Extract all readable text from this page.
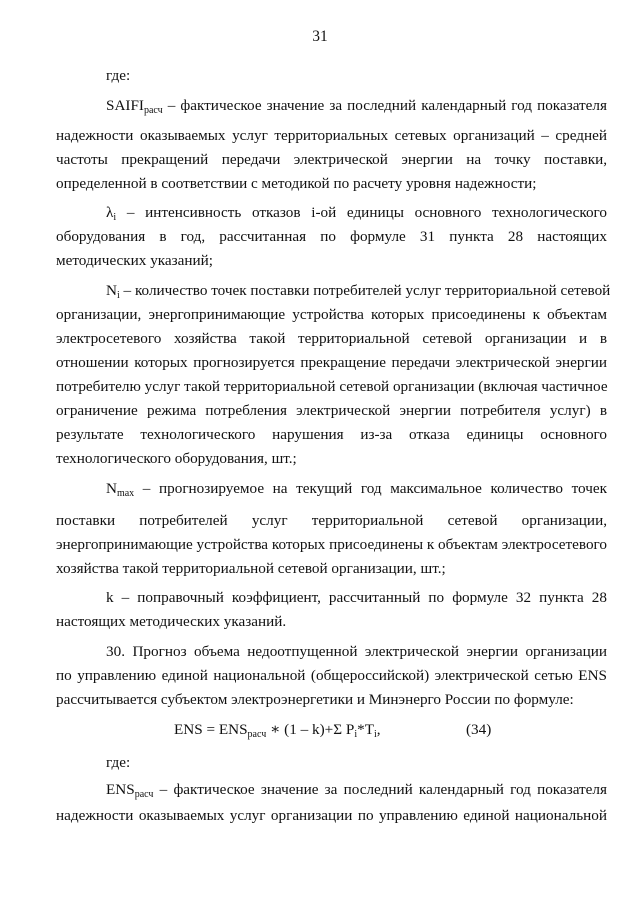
31
где:
$SAIFI_{расч}$ – фактическое значение за последний календарный год показателя
надежности оказываемых услуг территориальных сетевых организаций – средней
частоты прекращений передачи электрической энергии на точку поставки,
определенной в соответствии с методикой по расчету уровня надежности;
$\lambda_i$ – интенсивность отказов i-ой единицы основного технологического
оборудования в год, рассчитанная по формуле 31 пункта 28 настоящих
методических указаний;
$N_i$ – количество точек поставки потребителей услуг территориальной сетевой
организации, энергопринимающие устройства которых присоединены к объектам
электросетевого хозяйства такой территориальной сетевой организации и в
отношении которых прогнозируется прекращение передачи электрической энергии
потребителю услуг такой территориальной сетевой организации (включая частичное
ограничение режима потребления электрической энергии потребителя услуг) в
результате технологического нарушения из-за отказа единицы основного
технологического оборудования, шт.;
$N_{max}$ – прогнозируемое на текущий год максимальное количество точек
поставки потребителей услуг территориальной сетевой организации,
энергопринимающие устройства которых присоединены к объектам электросетевого
хозяйства такой территориальной сетевой организации, шт.;
k – поправочный коэффициент, рассчитанный по формуле 32 пункта 28
настоящих методических указаний.
30. Прогноз объема недоотпущенной электрической энергии организации
по управлению единой национальной (общероссийской) электрической сетью ENS
рассчитывается субъектом электроэнергетики и Минэнерго России по формуле:
ENS = $ENS_{расч}$ ∗ (1 – k)+Σ $P_i*T_i$,	(34)
где:
$ENS_{расч}$ – фактическое значение за последний календарный год показателя
надежности оказываемых услуг организации по управлению единой национальной
